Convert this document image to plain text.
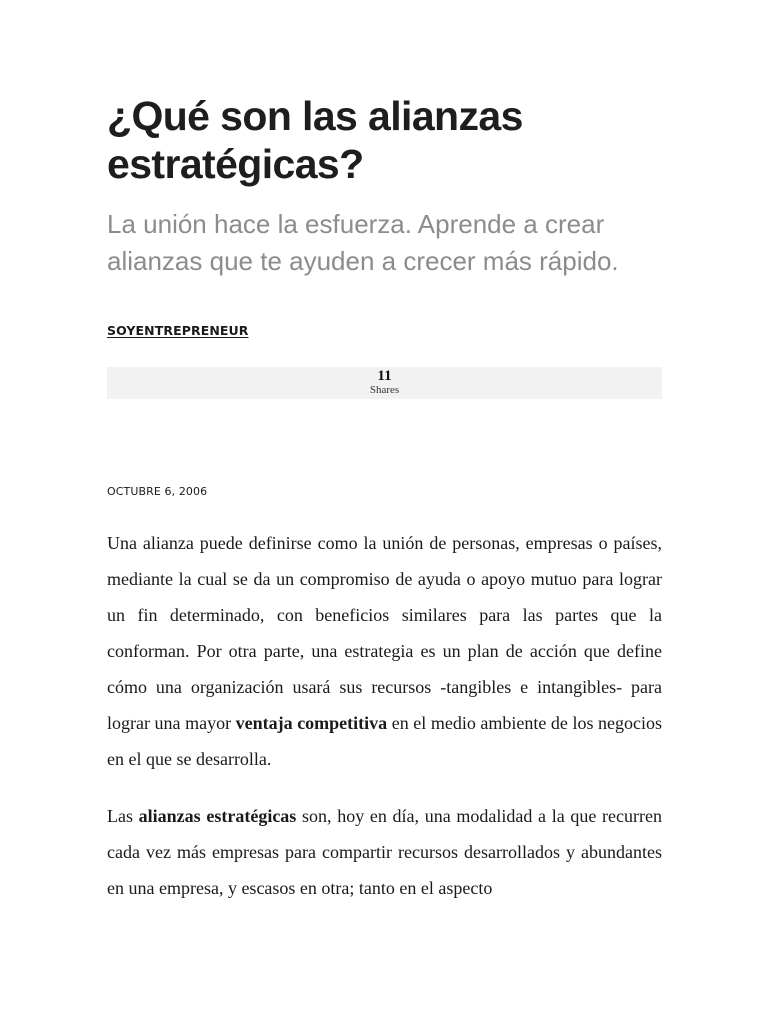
¿Qué son las alianzas estratégicas?

La unión hace la esfuerza. Aprende a crear alianzas que te ayuden a crecer más rápido.

SOYENTREPRENEUR
11
Shares
OCTUBRE 6, 2006

Una alianza puede definirse como la unión de personas, empresas o países, mediante la cual se da un compromiso de ayuda o apoyo mutuo para lograr un fin determinado, con beneficios similares para las partes que la conforman. Por otra parte, una estrategia es un plan de acción que define cómo una organización usará sus recursos -tangibles e intangibles- para lograr una mayor ventaja competitiva en el medio ambiente de los negocios en el que se desarrolla.

Las alianzas estratégicas son, hoy en día, una modalidad a la que recurren cada vez más empresas para compartir recursos desarrollados y abundantes en una empresa, y escasos en otra; tanto en el aspecto
